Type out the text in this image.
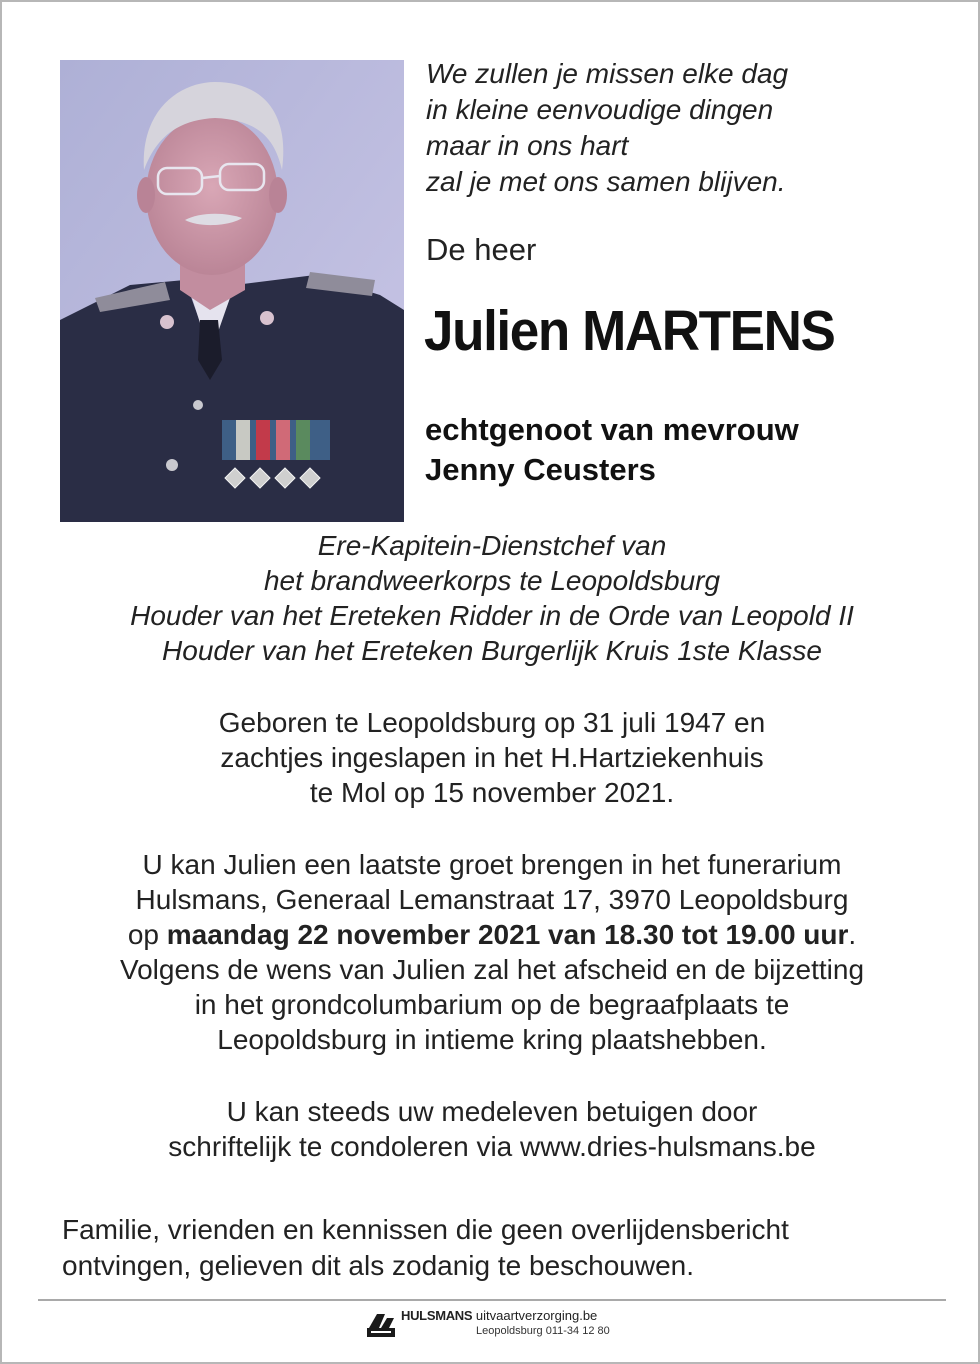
We zullen je missen elke dag
in kleine eenvoudige dingen
maar in ons hart
zal je met ons samen blijven.
De heer
Julien MARTENS
echtgenoot van mevrouw
Jenny Ceusters
Ere-Kapitein-Dienstchef van
het brandweerkorps te Leopoldsburg
Houder van het Ereteken Ridder in de Orde van Leopold II
Houder van het Ereteken Burgerlijk Kruis 1ste Klasse
Geboren te Leopoldsburg op 31 juli 1947 en
zachtjes ingeslapen in het H.Hartziekenhuis
te Mol op 15 november 2021.
U kan Julien een laatste groet brengen in het funerarium
Hulsmans, Generaal Lemanstraat 17, 3970 Leopoldsburg
op maandag 22 november 2021 van 18.30 tot 19.00 uur.
Volgens de wens van Julien zal het afscheid en de bijzetting
in het grondcolumbarium op de begraafplaats te
Leopoldsburg in intieme kring plaatshebben.
U kan steeds uw medeleven betuigen door
schriftelijk te condoleren via www.dries-hulsmans.be
Familie, vrienden en kennissen die geen overlijdensbericht
ontvingen, gelieven dit als zodanig te beschouwen.
HULSMANS uitvaartverzorging.be
Leopoldsburg 011-34 12 80
